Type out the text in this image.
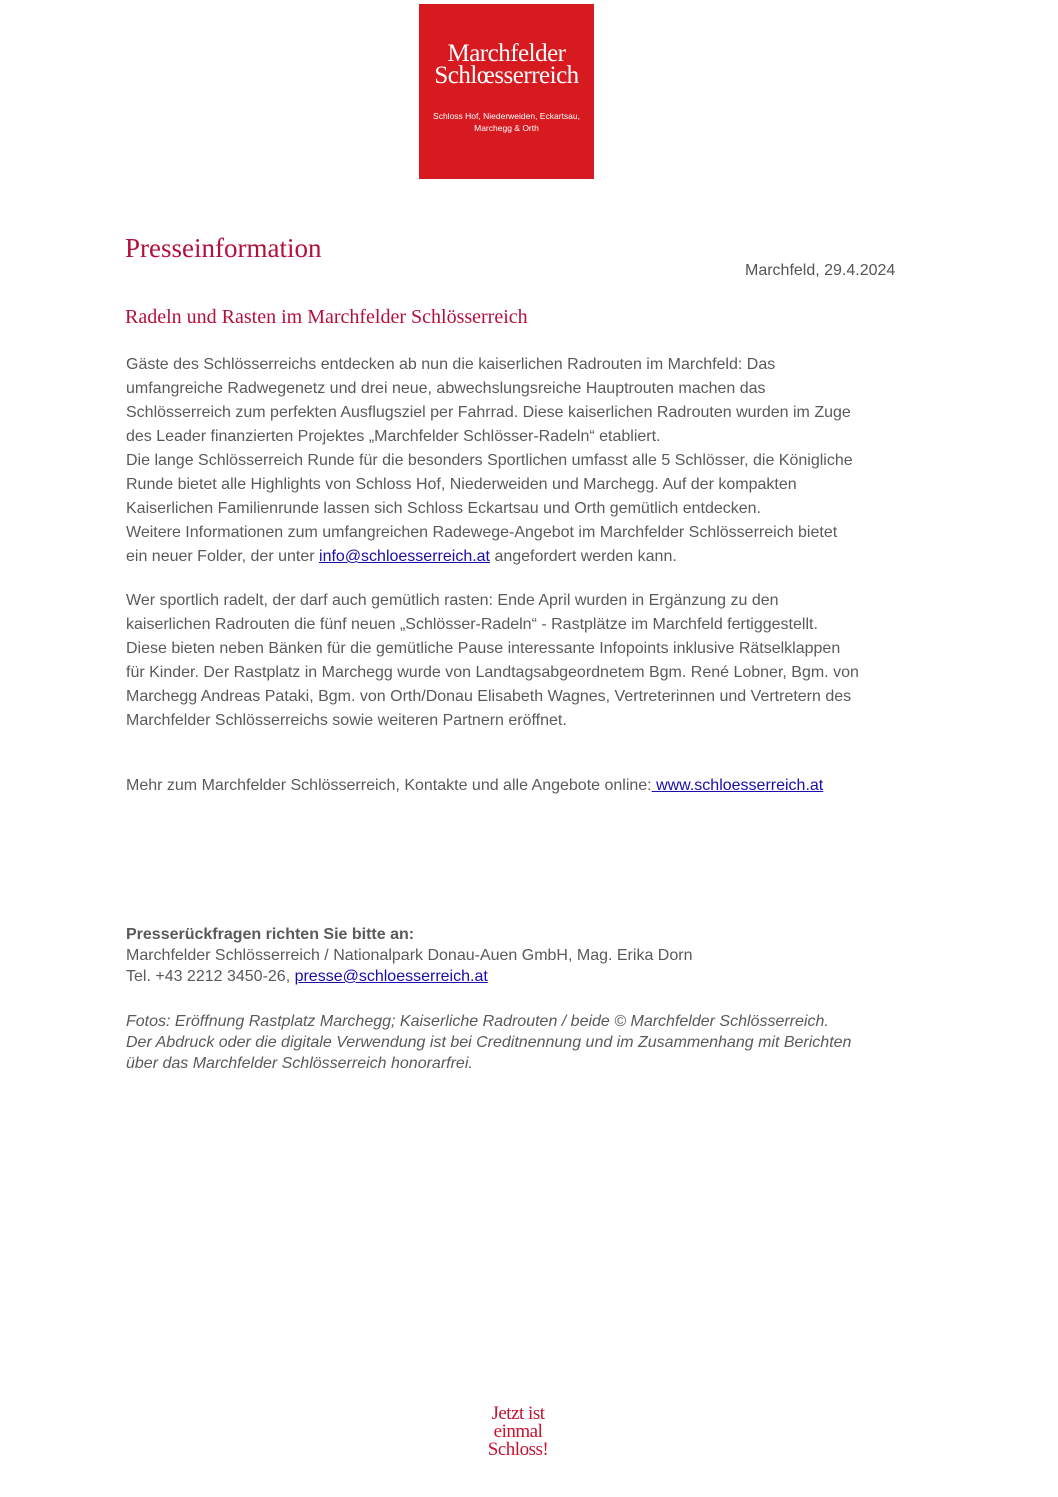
Marchfelder
Schlœsserreich
Schloss Hof, Niederweiden, Eckartsau,
Marchegg & Orth
Presseinformation
Marchfeld, 29.4.2024
Radeln und Rasten im Marchfelder Schlösserreich

Gäste des Schlösserreichs entdecken ab nun die kaiserlichen Radrouten im Marchfeld: Das

umfangreiche Radwegenetz und drei neue, abwechslungsreiche Hauptrouten machen das

Schlösserreich zum perfekten Ausflugsziel per Fahrrad. Diese kaiserlichen Radrouten wurden im Zuge

des Leader finanzierten Projektes „Marchfelder Schlösser-Radeln“ etabliert.

Die lange Schlösserreich Runde für die besonders Sportlichen umfasst alle 5 Schlösser, die Königliche

Runde bietet alle Highlights von Schloss Hof, Niederweiden und Marchegg. Auf der kompakten

Kaiserlichen Familienrunde lassen sich Schloss Eckartsau und Orth gemütlich entdecken.

Weitere Informationen zum umfangreichen Radewege-Angebot im Marchfelder Schlösserreich bietet

ein neuer Folder, der unter info@schloesserreich.at angefordert werden kann.

Wer sportlich radelt, der darf auch gemütlich rasten: Ende April wurden in Ergänzung zu den

kaiserlichen Radrouten die fünf neuen „Schlösser-Radeln“ - Rastplätze im Marchfeld fertiggestellt.

Diese bieten neben Bänken für die gemütliche Pause interessante Infopoints inklusive Rätselklappen

für Kinder. Der Rastplatz in Marchegg wurde von Landtagsabgeordnetem Bgm. René Lobner, Bgm. von

Marchegg Andreas Pataki, Bgm. von Orth/Donau Elisabeth Wagnes, Vertreterinnen und Vertretern des

Marchfelder Schlösserreichs sowie weiteren Partnern eröffnet.

Mehr zum Marchfelder Schlösserreich, Kontakte und alle Angebote online: www.schloesserreich.at
Presserückfragen richten Sie bitte an:
Marchfelder Schlösserreich / Nationalpark Donau-Auen GmbH, Mag. Erika Dorn
Tel. +43 2212 3450-26, presse@schloesserreich.at
Fotos: Eröffnung Rastplatz Marchegg; Kaiserliche Radrouten / beide © Marchfelder Schlösserreich.
Der Abdruck oder die digitale Verwendung ist bei Creditnennung und im Zusammenhang mit Berichten
über das Marchfelder Schlösserreich honorarfrei.
Jetzt ist
einmal
Schloss!
